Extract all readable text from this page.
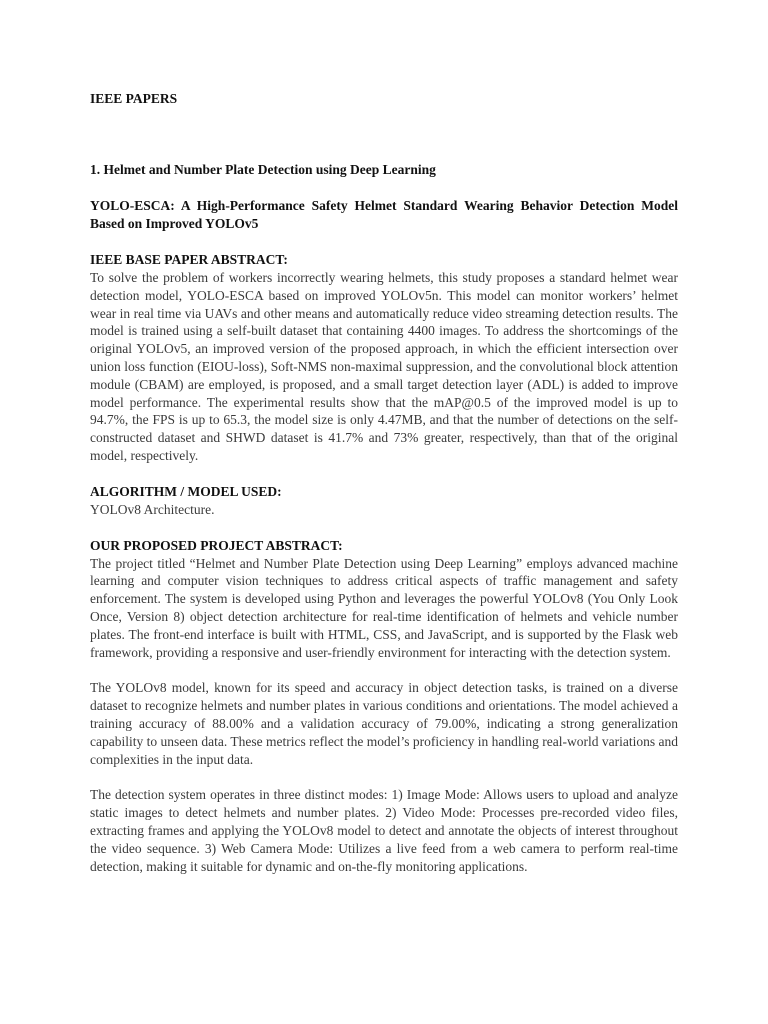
IEEE PAPERS

1. Helmet and Number Plate Detection using Deep Learning

YOLO-ESCA: A High-Performance Safety Helmet Standard Wearing Behavior Detection Model Based on Improved YOLOv5

IEEE BASE PAPER ABSTRACT:

To solve the problem of workers incorrectly wearing helmets, this study proposes a standard helmet wear detection model, YOLO-ESCA based on improved YOLOv5n. This model can monitor workers’ helmet wear in real time via UAVs and other means and automatically reduce video streaming detection results. The model is trained using a self-built dataset that containing 4400 images. To address the shortcomings of the original YOLOv5, an improved version of the proposed approach, in which the efficient intersection over union loss function (EIOU-loss), Soft-NMS non-maximal suppression, and the convolutional block attention module (CBAM) are employed, is proposed, and a small target detection layer (ADL) is added to improve model performance. The experimental results show that the mAP@0.5 of the improved model is up to 94.7%, the FPS is up to 65.3, the model size is only 4.47MB, and that the number of detections on the self-constructed dataset and SHWD dataset is 41.7% and 73% greater, respectively, than that of the original model, respectively.

ALGORITHM / MODEL USED:

YOLOv8 Architecture.

OUR PROPOSED PROJECT ABSTRACT:

The project titled “Helmet and Number Plate Detection using Deep Learning” employs advanced machine learning and computer vision techniques to address critical aspects of traffic management and safety enforcement. The system is developed using Python and leverages the powerful YOLOv8 (You Only Look Once, Version 8) object detection architecture for real-time identification of helmets and vehicle number plates. The front-end interface is built with HTML, CSS, and JavaScript, and is supported by the Flask web framework, providing a responsive and user-friendly environment for interacting with the detection system.

The YOLOv8 model, known for its speed and accuracy in object detection tasks, is trained on a diverse dataset to recognize helmets and number plates in various conditions and orientations. The model achieved a training accuracy of 88.00% and a validation accuracy of 79.00%, indicating a strong generalization capability to unseen data. These metrics reflect the model’s proficiency in handling real-world variations and complexities in the input data.

The detection system operates in three distinct modes: 1) Image Mode: Allows users to upload and analyze static images to detect helmets and number plates. 2) Video Mode: Processes pre-recorded video files, extracting frames and applying the YOLOv8 model to detect and annotate the objects of interest throughout the video sequence. 3) Web Camera Mode: Utilizes a live feed from a web camera to perform real-time detection, making it suitable for dynamic and on-the-fly monitoring applications.
